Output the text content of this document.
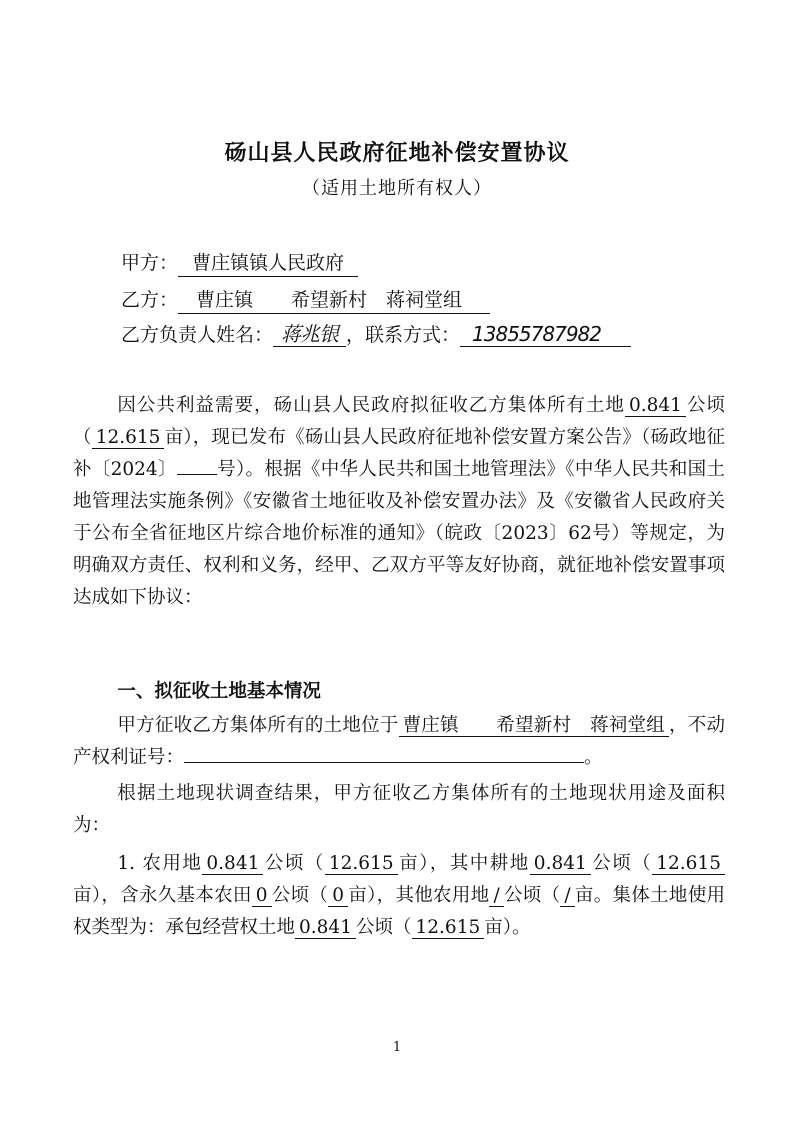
砀山县人民政府征地补偿安置协议
（适用土地所有权人）
甲方： 曹庄镇镇人民政府
乙方： 曹庄镇　　希望新村　蒋祠堂组
乙方负责人姓名： 蒋兆银 ，联系方式： 13855787982

因公共利益需要，砀山县人民政府拟征收乙方集体所有土地 0.841 公顷（ 12.615 亩），现已发布《砀山县人民政府征地补偿安置方案公告》（砀政地征补〔2024〕 号）。根据《中华人民共和国土地管理法》《中华人民共和国土地管理法实施条例》《安徽省土地征收及补偿安置办法》及《安徽省人民政府关于公布全省征地区片综合地价标准的通知》（皖政〔2023〕62号）等规定，为明确双方责任、权利和义务，经甲、乙双方平等友好协商，就征地补偿安置事项达成如下协议：

一、拟征收土地基本情况

甲方征收乙方集体所有的土地位于 曹庄镇　　希望新村　蒋祠堂组 ，不动产权利证号：	。

根据土地现状调查结果，甲方征收乙方集体所有的土地现状用途及面积为：

1. 农用地 0.841 公顷（ 12.615 亩），其中耕地 0.841 公顷（ 12.615亩），含永久基本农田 0 公顷（ 0 亩），其他农用地 / 公顷（ / 亩。集体土地使用权类型为：承包经营权土地 0.841 公顷（ 12.615 亩）。

1
